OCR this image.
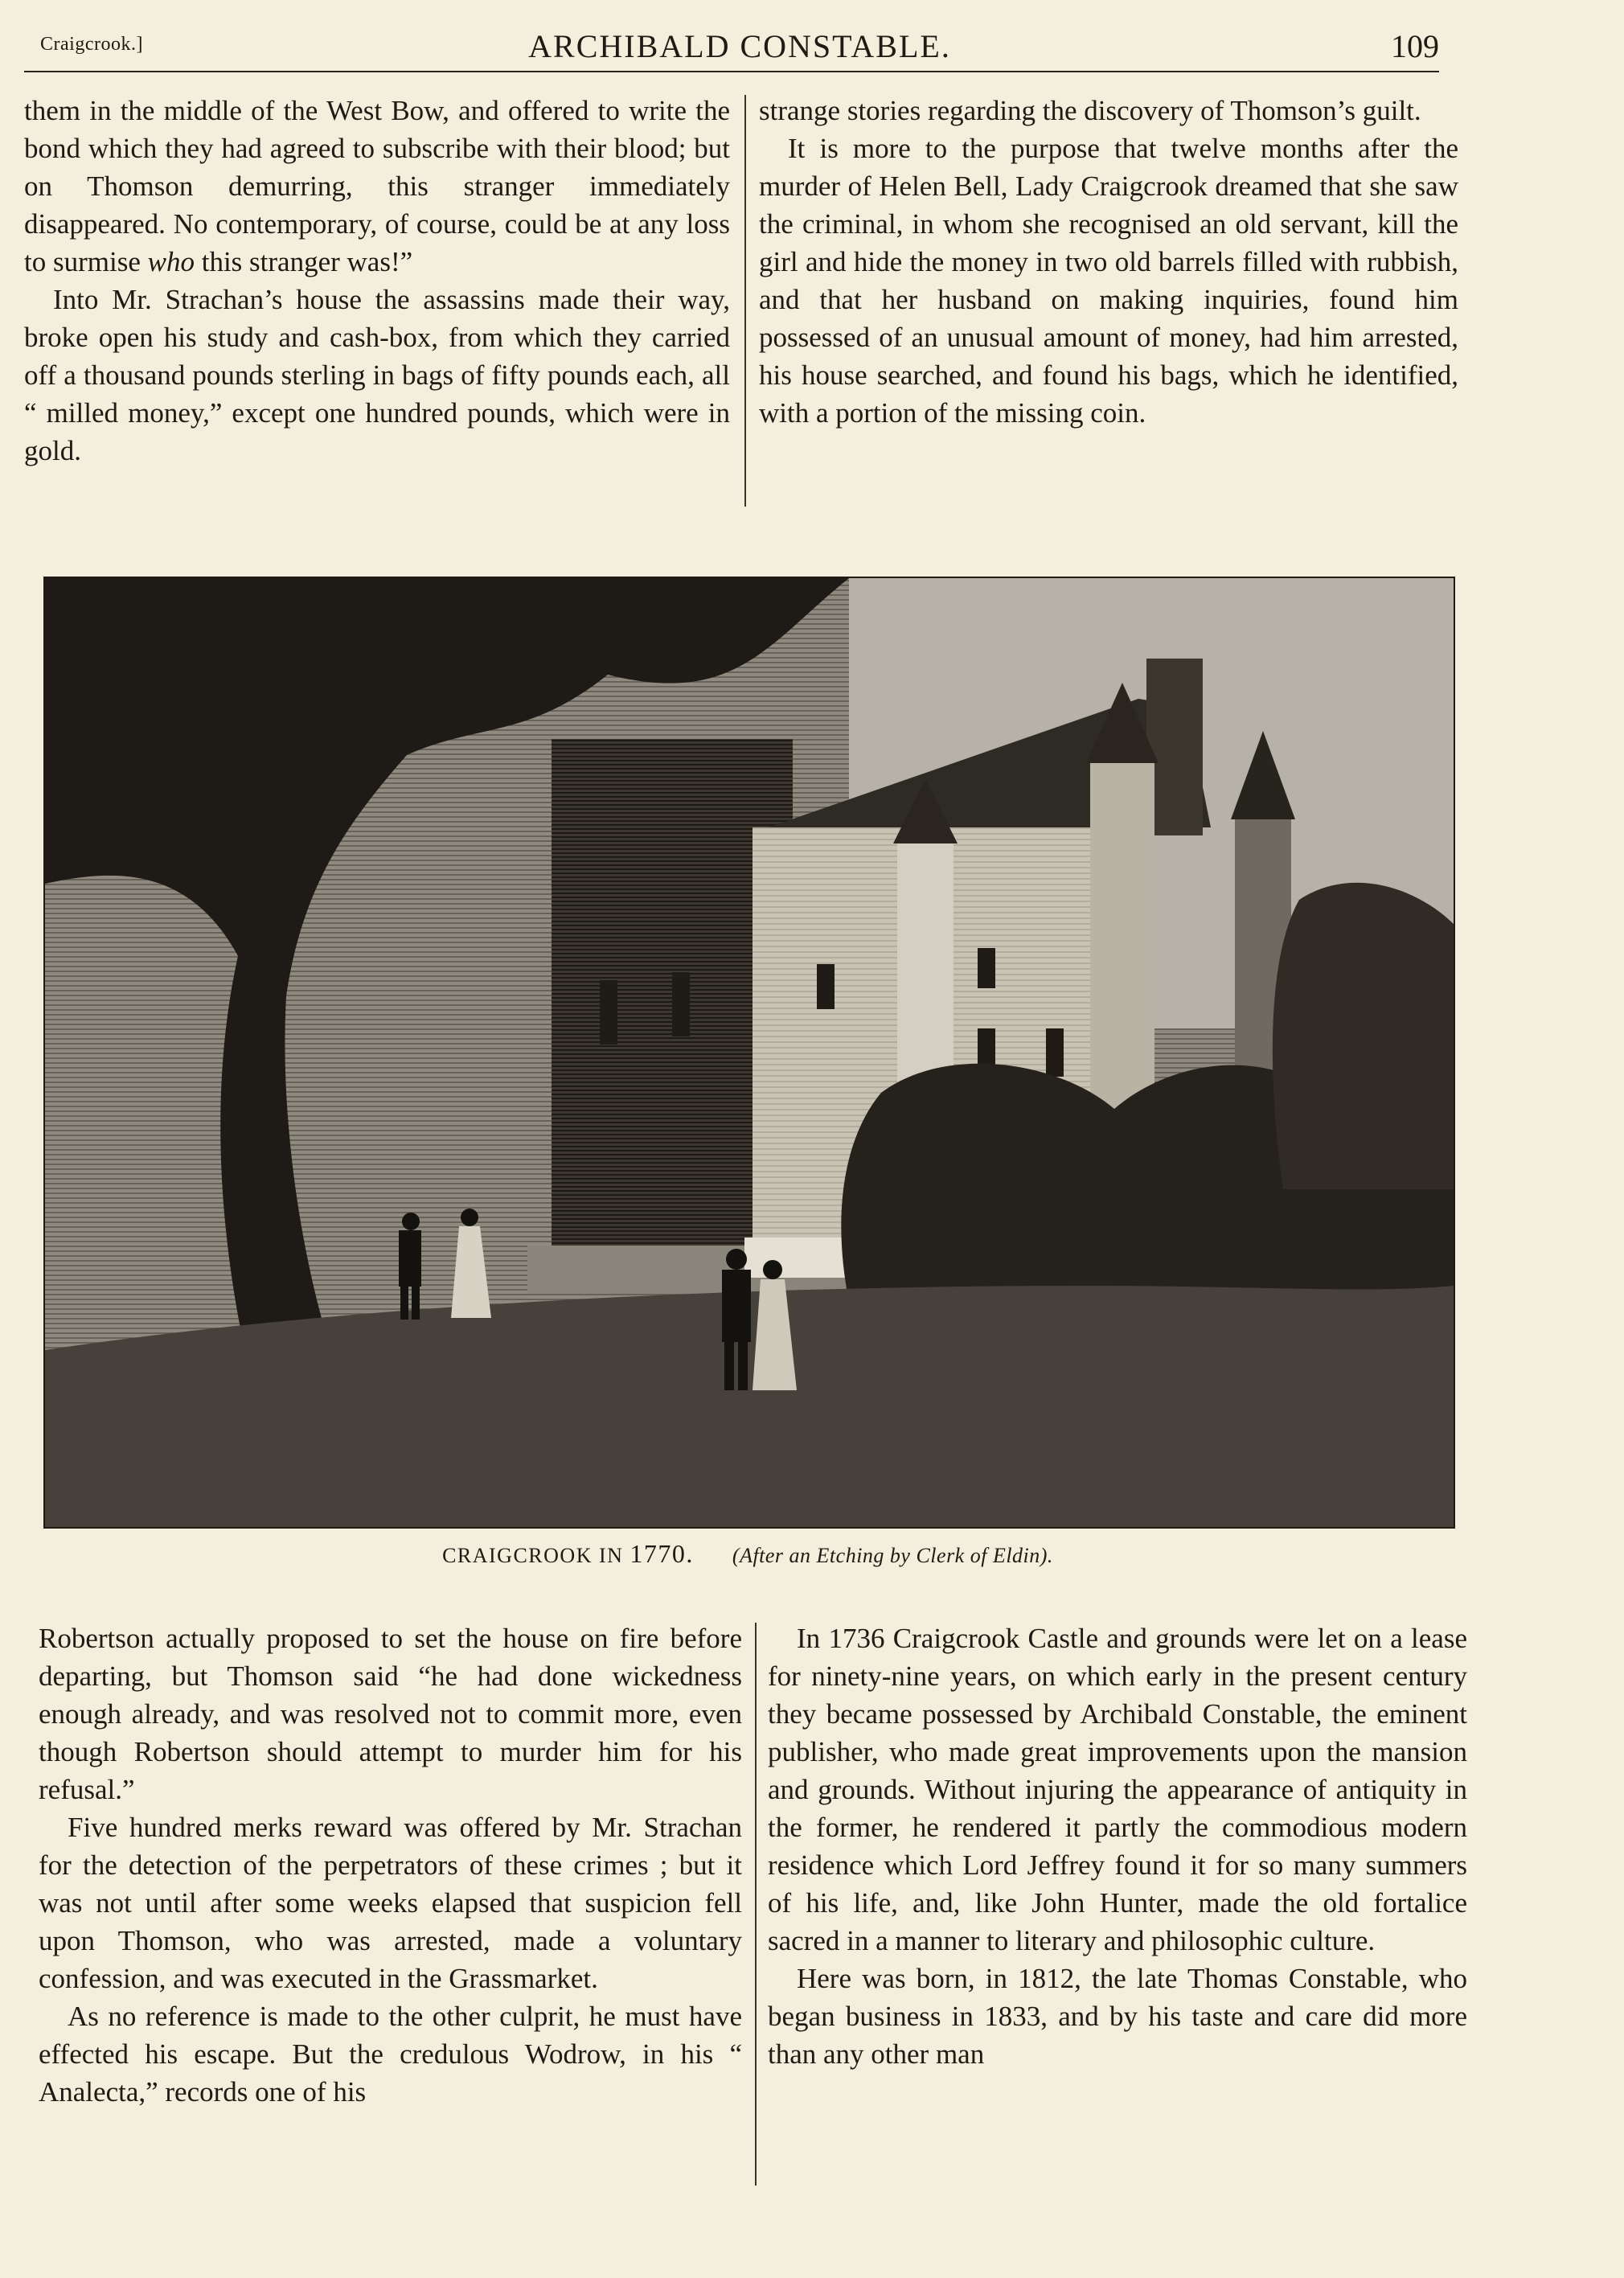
Craigcrook.]	ARCHIBALD CONSTABLE.	109

them in the middle of the West Bow, and offered to write the bond which they had agreed to subscribe with their blood; but on Thomson demurring, this stranger immediately disappeared. No contemporary, of course, could be at any loss to surmise who this stranger was!”

Into Mr. Strachan’s house the assassins made their way, broke open his study and cash-box, from which they carried off a thousand pounds sterling in bags of fifty pounds each, all “ milled money,” except one hundred pounds, which were in gold.

strange stories regarding the discovery of Thomson’s guilt.

It is more to the purpose that twelve months after the murder of Helen Bell, Lady Craigcrook dreamed that she saw the criminal, in whom she recognised an old servant, kill the girl and hide the money in two old barrels filled with rubbish, and that her husband on making inquiries, found him possessed of an unusual amount of money, had him arrested, his house searched, and found his bags, which he identified, with a portion of the missing coin.

CRAIGCROOK IN 1770. (After an Etching by Clerk of Eldin).

Robertson actually proposed to set the house on fire before departing, but Thomson said “he had done wickedness enough already, and was resolved not to commit more, even though Robertson should attempt to murder him for his refusal.”

Five hundred merks reward was offered by Mr. Strachan for the detection of the perpetrators of these crimes ; but it was not until after some weeks elapsed that suspicion fell upon Thomson, who was arrested, made a voluntary confession, and was executed in the Grassmarket.

As no reference is made to the other culprit, he must have effected his escape. But the credulous Wodrow, in his “ Analecta,” records one of his

In 1736 Craigcrook Castle and grounds were let on a lease for ninety-nine years, on which early in the present century they became possessed by Archibald Constable, the eminent publisher, who made great improvements upon the mansion and grounds. Without injuring the appearance of antiquity in the former, he rendered it partly the commodious modern residence which Lord Jeffrey found it for so many summers of his life, and, like John Hunter, made the old fortalice sacred in a manner to literary and philosophic culture.

Here was born, in 1812, the late Thomas Constable, who began business in 1833, and by his taste and care did more than any other man
